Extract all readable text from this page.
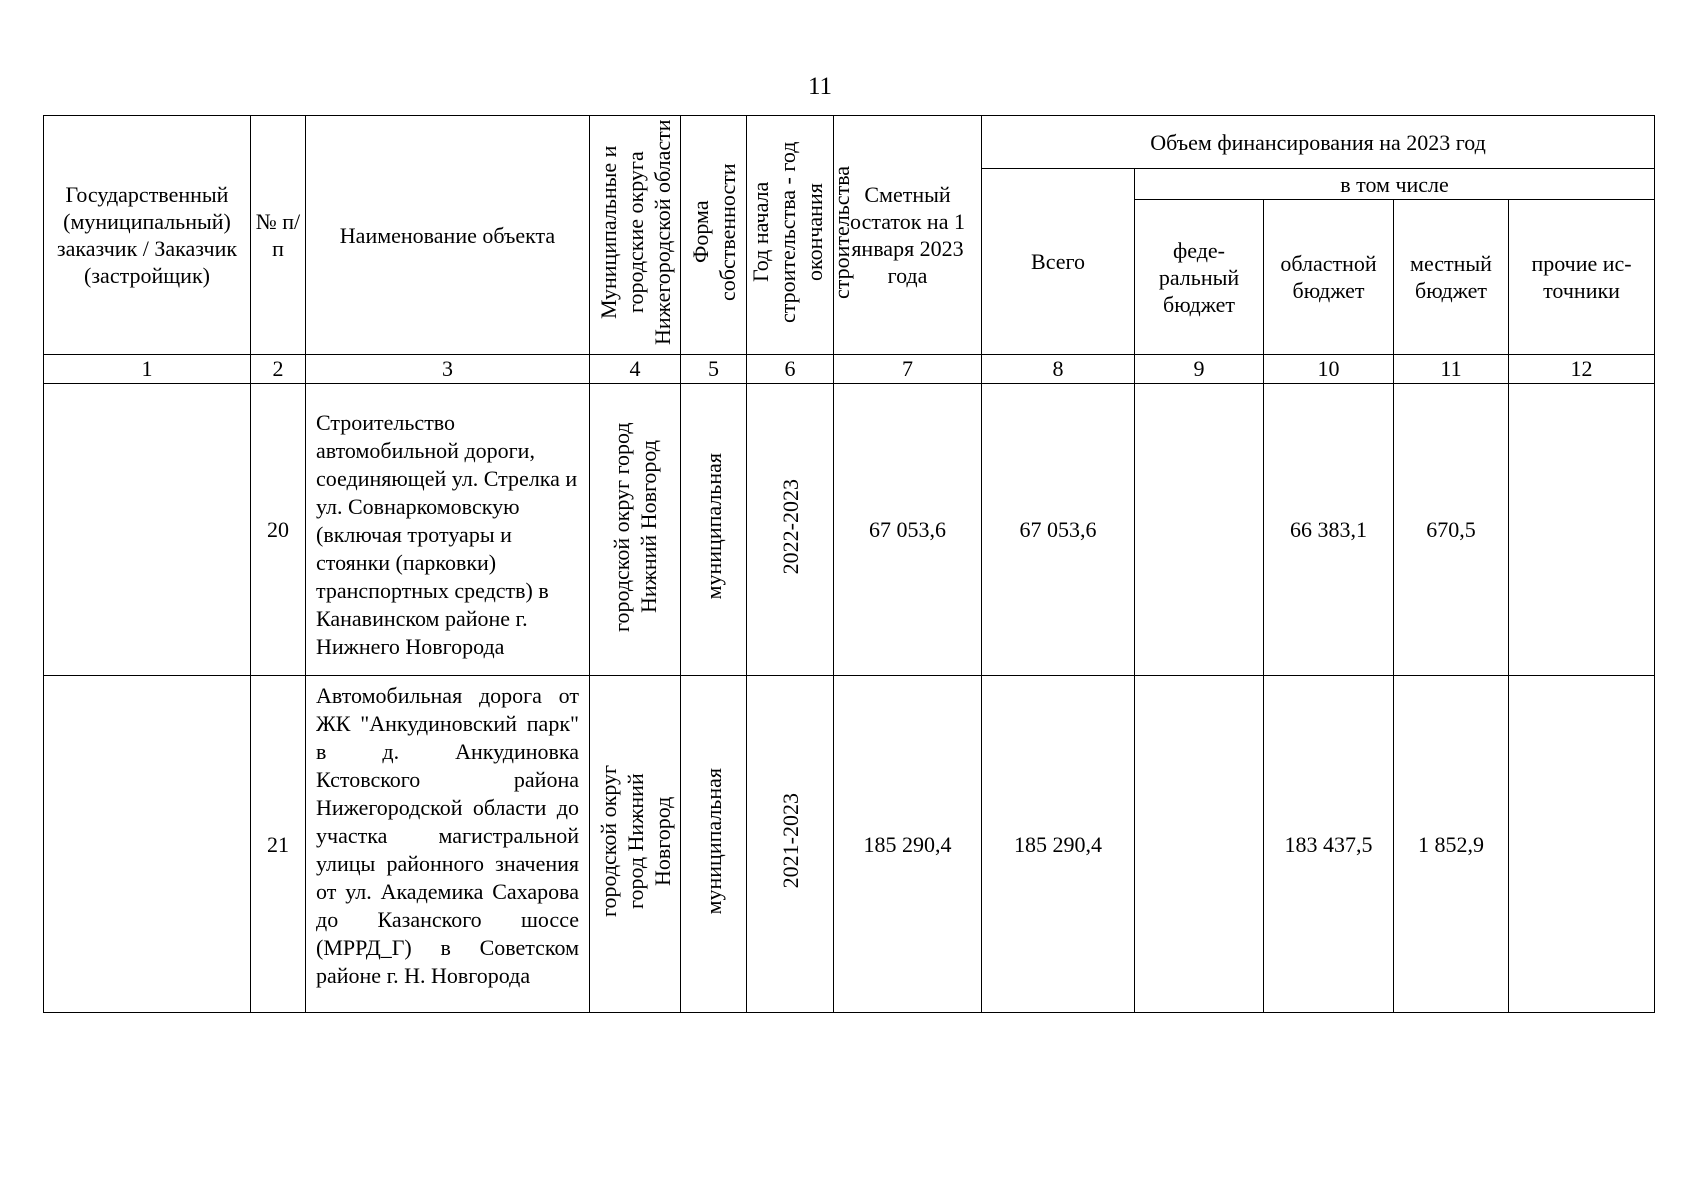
11
Государственный (муниципальный) заказчик / Заказчик (застройщик)	№ п/п	Наименование объекта	Муниципальные и городские округа Нижегородской области	Форма собственности	Год начала строительства - год окончания строительства	Сметный остаток на 1 января 2023 года	Объем финансирования на 2023 год				

							Всего	в том числе			

								феде-ральный бюджет	областной бюджет	местный бюджет	прочие ис-точники

1	2	3	4	5	6	7	8	9	10	11	12
	20	Строительство автомобильной дороги, соединяющей ул. Стрелка и ул. Совнаркомовскую (включая тротуары и стоянки (парковки) транспортных средств) в Канавинском районе г. Нижнего Новгорода	городской округ город Нижний Новгород	муниципальная	2022-2023	67 053,6	67 053,6		66 383,1	670,5	
	21	Автомобильная дорога от ЖК "Анкудиновский парк" в д. Анкудиновка Кстовского района Нижегородской области до участка магистральной улицы районного значения от ул. Академика Сахарова до Казанского шоссе (МРРД_Г) в Советском районе г. Н. Новгорода	городской округ город Нижний Новгород	муниципальная	2021-2023	185 290,4	185 290,4		183 437,5	1 852,9	
